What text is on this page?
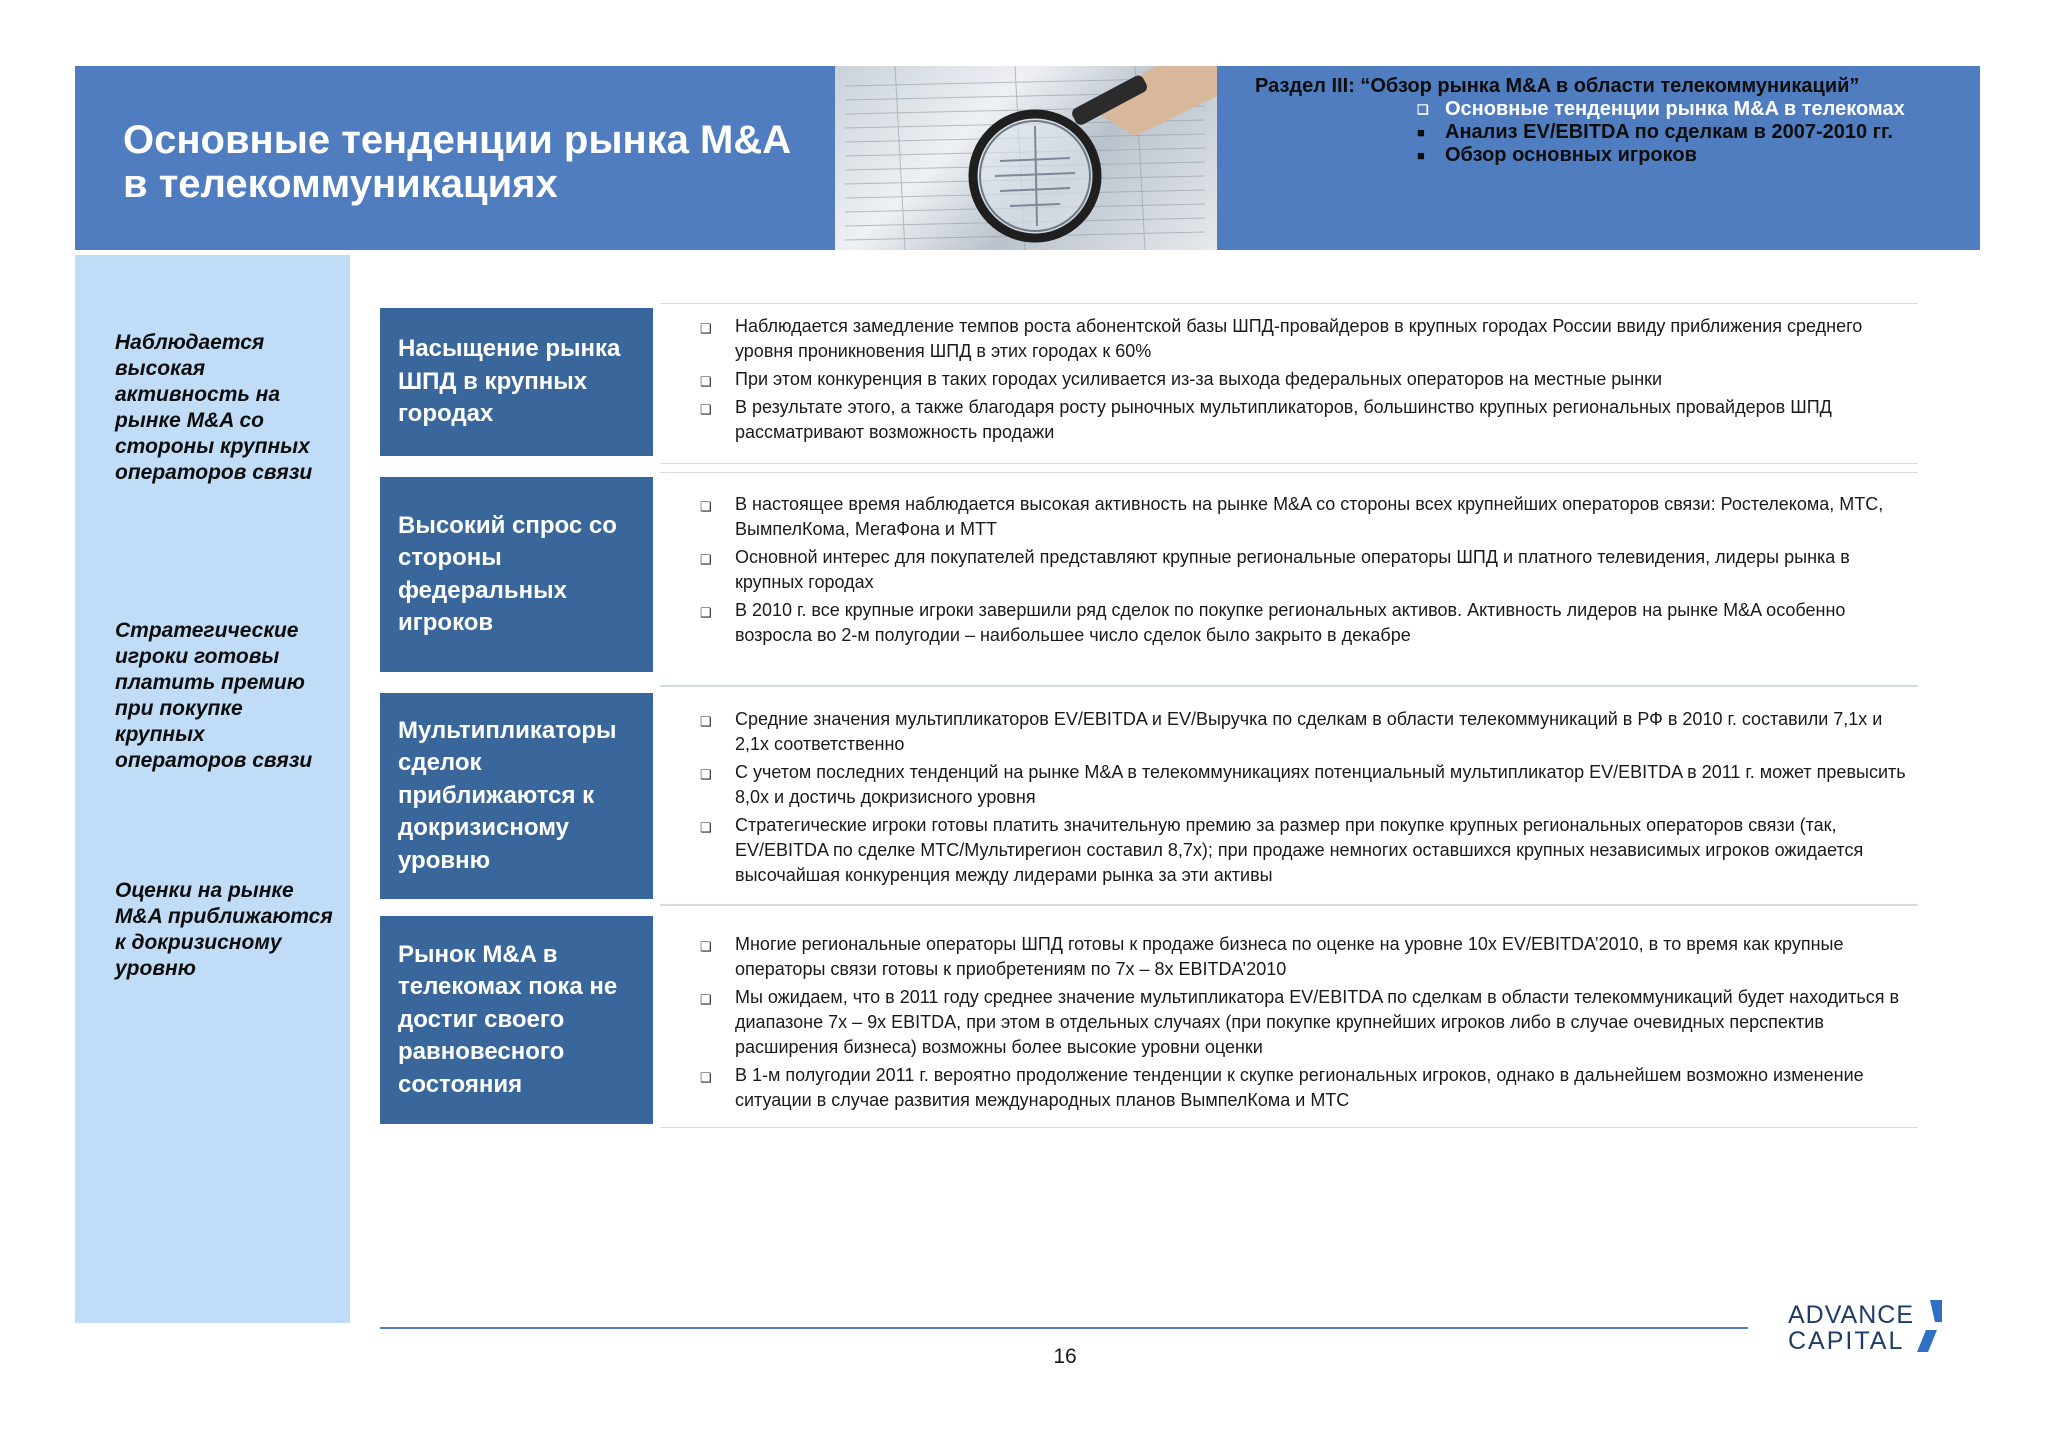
Основные тенденции рынка M&A в телекоммуникациях
Раздел III: “Обзор рынка M&A в области телекоммуникаций”
❑ Основные тенденции рынка M&A в телекомах
■	Анализ EV/EBITDA по сделкам в 2007-2010 гг.
■	Обзор основных игроков
Наблюдается высокая активность на рынке M&A со стороны крупных операторов связи
Стратегические игроки готовы платить премию при покупке крупных операторов связи
Оценки на рынке M&A приближаются к докризисному уровню
Насыщение рынка ШПД в крупных городах
❑ Наблюдается замедление темпов роста абонентской базы ШПД-провайдеров в крупных городах России ввиду приближения среднего уровня проникновения ШПД в этих городах к 60%
❑ При этом конкуренция в таких городах усиливается из-за выхода федеральных операторов на местные рынки
❑ В результате этого, а также благодаря росту рыночных мультипликаторов, большинство крупных региональных провайдеров ШПД рассматривают возможность продажи
Высокий спрос со стороны федеральных игроков
❑ В настоящее время наблюдается высокая активность на рынке M&A со стороны всех крупнейших операторов связи: Ростелекома, МТС, ВымпелКома, МегаФона и МТТ
❑ Основной интерес для покупателей представляют крупные региональные операторы ШПД и платного телевидения, лидеры рынка в крупных городах
❑ В 2010 г. все крупные игроки завершили ряд сделок по покупке региональных активов. Активность лидеров на рынке M&A особенно возросла во 2-м полугодии – наибольшее число сделок было закрыто в декабре
Мультипликаторы сделок приближаются к докризисному уровню
❑ Средние значения мультипликаторов EV/EBITDA и EV/Выручка по сделкам в области телекоммуникаций в РФ в 2010 г. составили 7,1x и 2,1x соответственно
❑ С учетом последних тенденций на рынке M&A в телекоммуникациях потенциальный мультипликатор EV/EBITDA в 2011 г. может превысить 8,0x и достичь докризисного уровня
❑ Стратегические игроки готовы платить значительную премию за размер при покупке крупных региональных операторов связи (так, EV/EBITDA по сделке МТС/Мультирегион составил 8,7x); при продаже немногих оставшихся крупных независимых игроков ожидается высочайшая конкуренция между лидерами рынка за эти активы
Рынок M&A в телекомах пока не достиг своего равновесного состояния
❑ Многие региональные операторы ШПД готовы к продаже бизнеса по оценке на уровне 10x EV/EBITDA’2010, в то время как крупные операторы связи готовы к приобретениям по 7x – 8x EBITDA’2010
❑ Мы ожидаем, что в 2011 году среднее значение мультипликатора EV/EBITDA по сделкам в области телекоммуникаций будет находиться в диапазоне 7x – 9x EBITDA, при этом в отдельных случаях (при покупке крупнейших игроков либо в случае очевидных перспектив расширения бизнеса) возможны более высокие уровни оценки
❑ В 1-м полугодии 2011 г. вероятно продолжение тенденции к скупке региональных игроков, однако в дальнейшем возможно изменение ситуации в случае развития международных планов ВымпелКома и МТС
16
ADVANCE
CAPITAL
